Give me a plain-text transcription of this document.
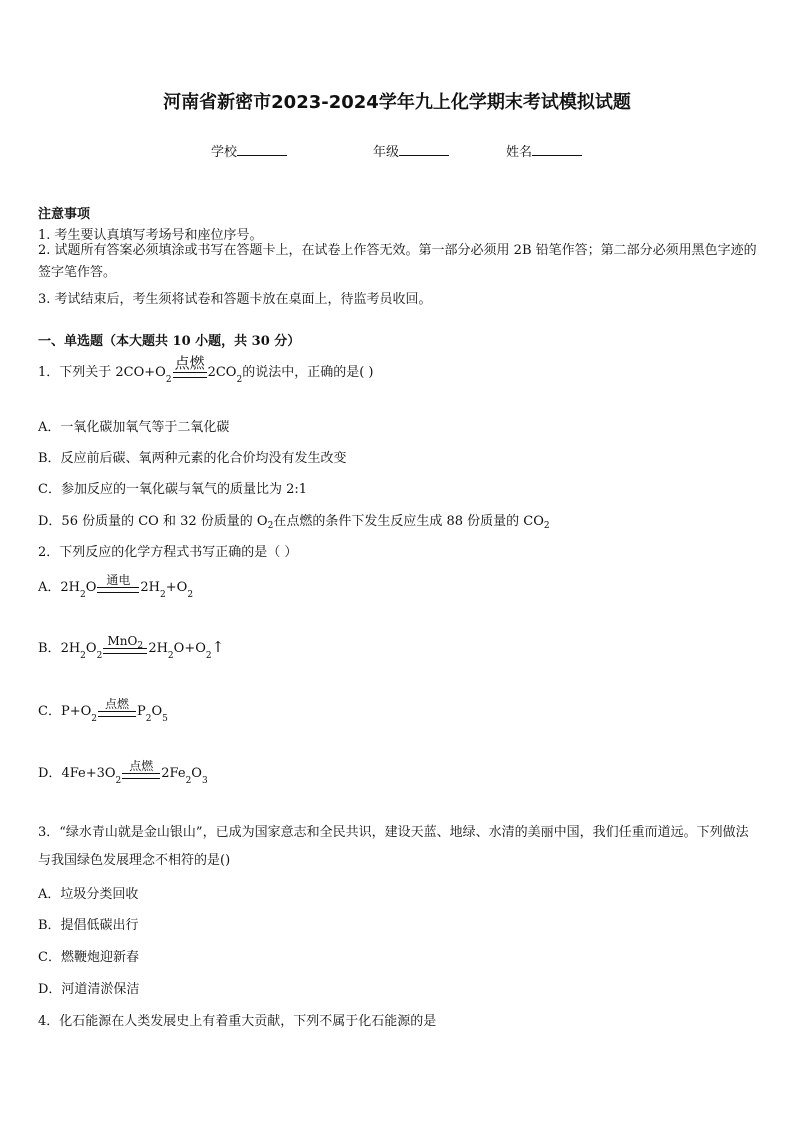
河南省新密市2023-2024学年九上化学期末考试模拟试题
学校	年级	姓名
注意事项
1. 考生要认真填写考场号和座位序号。
2. 试题所有答案必须填涂或书写在答题卡上，在试卷上作答无效。第一部分必须用 2B 铅笔作答；第二部分必须用黑色字迹的签字笔作答。
3. 考试结束后，考生须将试卷和答题卡放在桌面上，待监考员收回。
一、单选题（本大题共 10 小题，共 30 分）
1．下列关于 2CO+O 2
点燃
2CO 2 的说法中，正确的是( )
A．一氧化碳加氧气等于二氧化碳
B．反应前后碳、氧两种元素的化合价均没有发生改变
C．参加反应的一氧化碳与氧气的质量比为 2:1
D．56 份质量的 CO 和 32 份质量的 $O_2$在点燃的条件下发生反应生成 88 份质量的 $CO_2$
2．下列反应的化学方程式书写正确的是（ ）
A． 2H 2 O 通电 2H 2 +O 2
B． 2H 2 O 2
MnO$_2$ 2H 2 O+O 2 ↑
C． P+O 2
点燃 P 2 O 5
D． 4Fe+3O 2
点燃 2Fe 2 O 3
3．“绿水青山就是金山银山”，已成为国家意志和全民共识，建设天蓝、地绿、水清的美丽中国，我们任重而道远。下列做法与我国绿色发展理念不相符的是()
A．垃圾分类回收
B．提倡低碳出行
C．燃鞭炮迎新春
D．河道清淤保洁
4．化石能源在人类发展史上有着重大贡献，下列不属于化石能源的是
